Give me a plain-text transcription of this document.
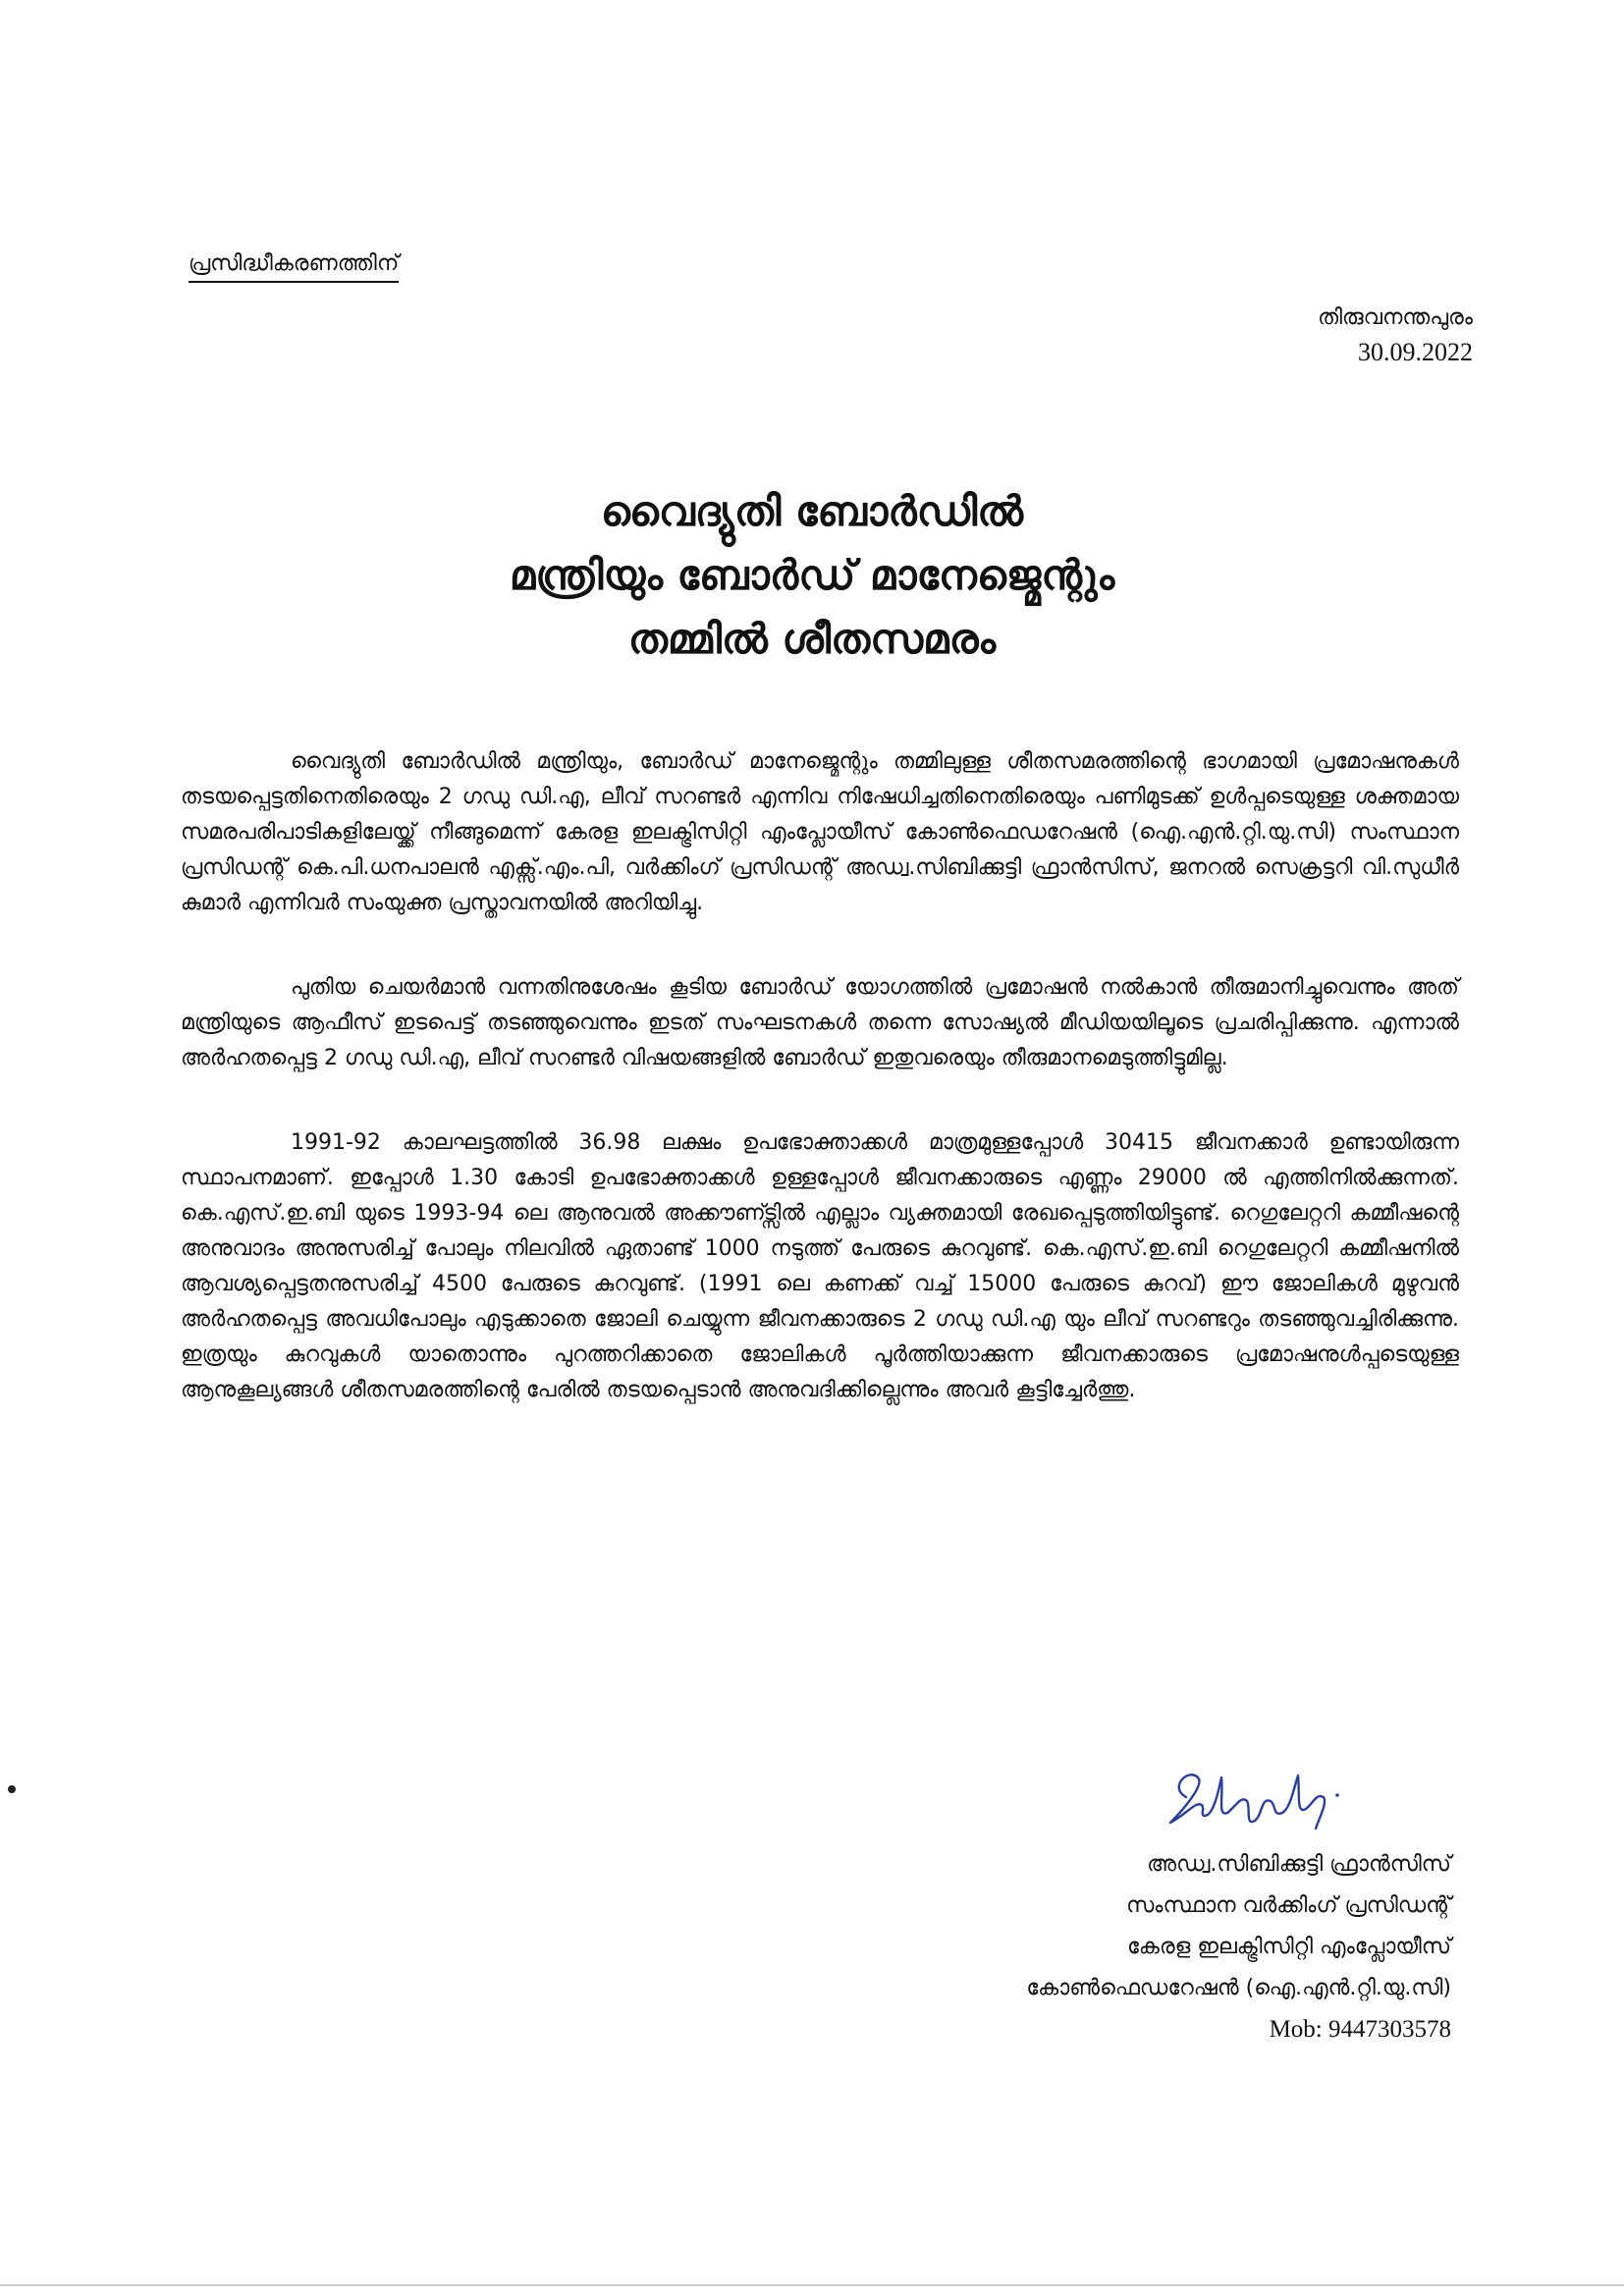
പ്രസിദ്ധീകരണത്തിന്
തിരുവനന്തപുരം
30.09.2022
വൈദ്യുതി ബോർഡിൽ
മന്ത്രിയും ബോർഡ് മാനേജ്മെന്റും
തമ്മിൽ ശീതസമരം

വൈദ്യുതി ബോർഡിൽ മന്ത്രിയും, ബോർഡ് മാനേജ്മെന്റും തമ്മിലുള്ള ശീതസമരത്തിന്റെ ഭാഗമായി പ്രമോഷനുകൾ തടയപ്പെട്ടതിനെതിരെയും 2 ഗഡു ഡി.എ, ലീവ് സറണ്ടർ എന്നിവ നിഷേധിച്ചതിനെതിരെയും പണിമുടക്ക് ഉൾപ്പടെയുള്ള ശക്തമായ സമരപരിപാടികളിലേയ്ക്ക് നീങ്ങുമെന്ന് കേരള ഇലക്ട്രിസിറ്റി എംപ്ലോയീസ് കോൺഫെഡറേഷൻ (ഐ.എൻ.റ്റി.യു.സി) സംസ്ഥാന പ്രസിഡന്റ് കെ.പി.ധനപാലൻ എക്സ്.എം.പി, വർക്കിംഗ് പ്രസിഡന്റ് അഡ്വ.സിബിക്കുട്ടി ഫ്രാൻസിസ്, ജനറൽ സെക്രട്ടറി വി.സുധീർ കുമാർ എന്നിവർ സംയുക്ത പ്രസ്താവനയിൽ അറിയിച്ചു.

പുതിയ ചെയർമാൻ വന്നതിനുശേഷം കൂടിയ ബോർഡ് യോഗത്തിൽ പ്രമോഷൻ നൽകാൻ തീരുമാനിച്ചുവെന്നും അത് മന്ത്രിയുടെ ആഫീസ് ഇടപെട്ട് തടഞ്ഞുവെന്നും ഇടത് സംഘടനകൾ തന്നെ സോഷ്യൽ മീഡിയയിലൂടെ പ്രചരിപ്പിക്കുന്നു. എന്നാൽ അർഹതപ്പെട്ട 2 ഗഡു ഡി.എ, ലീവ് സറണ്ടർ വിഷയങ്ങളിൽ ബോർഡ് ഇതുവരെയും തീരുമാനമെടുത്തിട്ടുമില്ല.

1991-92 കാലഘട്ടത്തിൽ 36.98 ലക്ഷം ഉപഭോക്താക്കൾ മാത്രമുള്ളപ്പോൾ 30415 ജീവനക്കാർ ഉണ്ടായിരുന്ന സ്ഥാപനമാണ്. ഇപ്പോൾ 1.30 കോടി ഉപഭോക്താക്കൾ ഉള്ളപ്പോൾ ജീവനക്കാരുടെ എണ്ണം 29000 ൽ എത്തിനിൽക്കുന്നത്. കെ.എസ്.ഇ.ബി യുടെ 1993-94 ലെ ആനുവൽ അക്കൗണ്ട്സിൽ എല്ലാം വ്യക്തമായി രേഖപ്പെടുത്തിയിട്ടുണ്ട്. റെഗുലേറ്ററി കമ്മീഷന്റെ അനുവാദം അനുസരിച്ച് പോലും നിലവിൽ ഏതാണ്ട് 1000 നടുത്ത് പേരുടെ കുറവുണ്ട്. കെ.എസ്.ഇ.ബി റെഗുലേറ്ററി കമ്മീഷനിൽ ആവശ്യപ്പെട്ടതനുസരിച്ച് 4500 പേരുടെ കുറവുണ്ട്. (1991 ലെ കണക്ക് വച്ച് 15000 പേരുടെ കുറവ്) ഈ ജോലികൾ മുഴുവൻ അർഹതപ്പെട്ട അവധിപോലും എടുക്കാതെ ജോലി ചെയ്യുന്ന ജീവനക്കാരുടെ 2 ഗഡു ഡി.എ യും ലീവ് സറണ്ടറും തടഞ്ഞുവച്ചിരിക്കുന്നു. ഇത്രയും കുറവുകൾ യാതൊന്നും പുറത്തറിക്കാതെ ജോലികൾ പൂർത്തിയാക്കുന്ന ജീവനക്കാരുടെ പ്രമോഷനുൾപ്പടെയുള്ള ആനുകൂല്യങ്ങൾ ശീതസമരത്തിന്റെ പേരിൽ തടയപ്പെടാൻ അനുവദിക്കില്ലെന്നും അവർ കൂട്ടിച്ചേർത്തു.

അഡ്വ.സിബിക്കുട്ടി ഫ്രാൻസിസ്
സംസ്ഥാന വർക്കിംഗ് പ്രസിഡന്റ്
കേരള ഇലക്ട്രിസിറ്റി എംപ്ലോയീസ്
കോൺഫെഡറേഷൻ (ഐ.എൻ.റ്റി.യു.സി)
Mob: 9447303578
